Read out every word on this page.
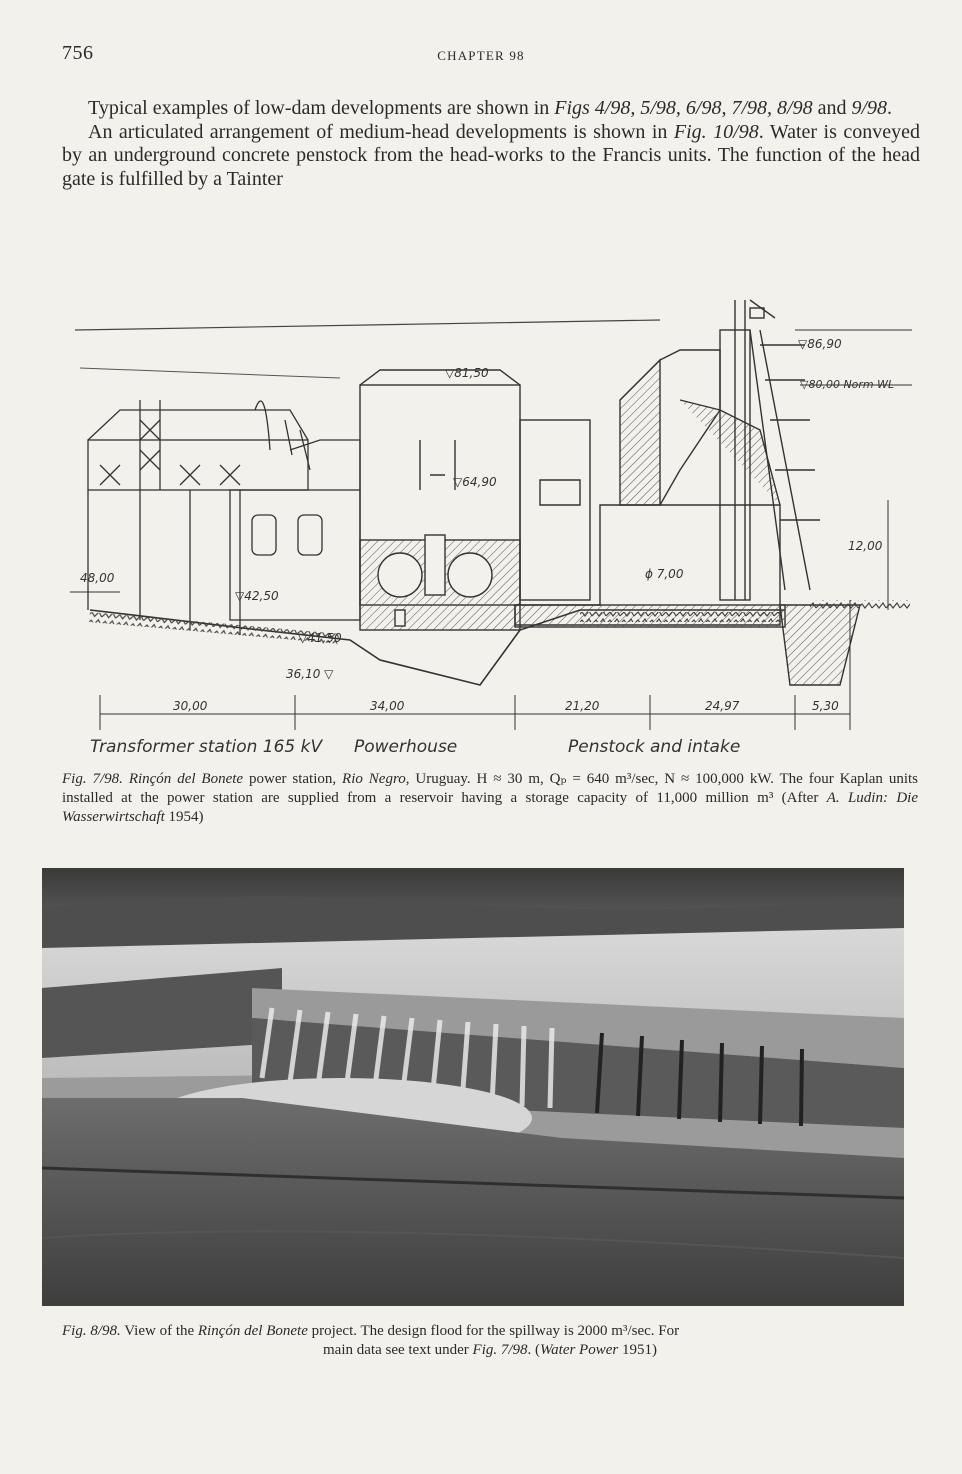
756	CHAPTER 98

Typical examples of low-dam developments are shown in Figs 4/98, 5/98, 6/98, 7/98, 8/98 and 9/98.

An articulated arrangement of medium-head developments is shown in Fig. 10/98. Water is conveyed by an underground concrete penstock from the head-works to the Francis units. The function of the head gate is fulfilled by a Tainter

▽86,90
▽80,00 Norm WL
▽81,50
▽64,90
48,00
▽42,50
▽41,50
36,10 ▽
ϕ 7,00
12,00
30,00	34,00	21,20	24,97	5,30
Transformer station 165 kV Powerhouse	Penstock and intake
Fig. 7/98. Rinçón del Bonete power station, Rio Negro, Uruguay. H ≈ 30 m, Qₚ = 640 m³/sec, N ≈ 100,000 kW. The four Kaplan units installed at the power station are supplied from a reservoir having a storage capacity of 11,000 million m³ (After A. Ludin: Die Wasserwirtschaft 1954)
Fig. 8/98. View of the Rinçón del Bonete project. The design flood for the spillway is 2000 m³/sec. For
main data see text under Fig. 7/98. (Water Power 1951)
